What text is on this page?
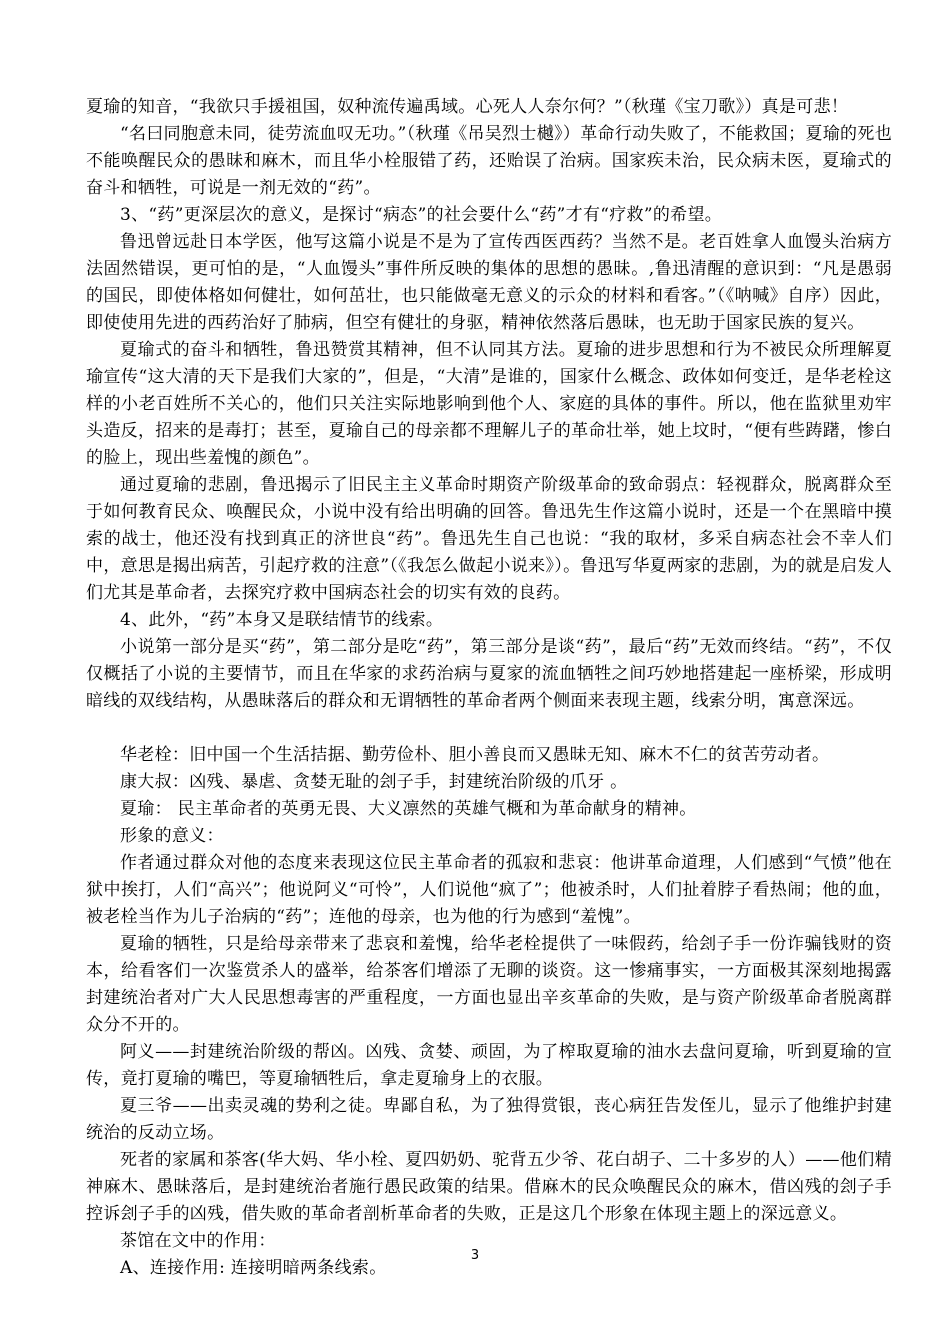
夏瑜的知音，“我欲只手援祖国，奴种流传遍禹域。心死人人奈尔何？”（秋瑾《宝刀歌》）真是可悲！

“名曰同胞意未同，徒劳流血叹无功。”（秋瑾《吊吴烈士樾》）革命行动失败了，不能救国；夏瑜的死也不能唤醒民众的愚昧和麻木，而且华小栓服错了药，还贻误了治病。国家疾未治，民众病未医，夏瑜式的奋斗和牺牲，可说是一剂无效的“药”。

3、“药”更深层次的意义，是探讨“病态”的社会要什么“药”才有“疗救”的希望。

鲁迅曾远赴日本学医，他写这篇小说是不是为了宣传西医西药？当然不是。老百姓拿人血馒头治病方法固然错误，更可怕的是，“人血馒头”事件所反映的集体的思想的愚昧。,鲁迅清醒的意识到：“凡是愚弱的国民，即使体格如何健壮，如何茁壮，也只能做毫无意义的示众的材料和看客。”（《呐喊》自序）因此，即使使用先进的西药治好了肺病，但空有健壮的身驱，精神依然落后愚昧，也无助于国家民族的复兴。

夏瑜式的奋斗和牺牲，鲁迅赞赏其精神，但不认同其方法。夏瑜的进步思想和行为不被民众所理解夏瑜宣传“这大清的天下是我们大家的”，但是，“大清”是谁的，国家什么概念、政体如何变迁，是华老栓这样的小老百姓所不关心的，他们只关注实际地影响到他个人、家庭的具体的事件。所以，他在监狱里劝牢头造反，招来的是毒打；甚至，夏瑜自己的母亲都不理解儿子的革命壮举，她上坟时，“便有些踌躇，惨白的脸上，现出些羞愧的颜色”。

通过夏瑜的悲剧，鲁迅揭示了旧民主主义革命时期资产阶级革命的致命弱点：轻视群众，脱离群众至于如何教育民众、唤醒民众，小说中没有给出明确的回答。鲁迅先生作这篇小说时，还是一个在黑暗中摸索的战士，他还没有找到真正的济世良“药”。鲁迅先生自己也说：“我的取材，多采自病态社会不幸人们中，意思是揭出病苦，引起疗救的注意”（《我怎么做起小说来》）。鲁迅写华夏两家的悲剧，为的就是启发人们尤其是革命者，去探究疗救中国病态社会的切实有效的良药。

4、此外，“药”本身又是联结情节的线索。

小说第一部分是买“药”，第二部分是吃“药”，第三部分是谈“药”，最后“药”无效而终结。“药”，不仅仅概括了小说的主要情节，而且在华家的求药治病与夏家的流血牺牲之间巧妙地搭建起一座桥梁，形成明暗线的双线结构，从愚昧落后的群众和无谓牺牲的革命者两个侧面来表现主题，线索分明，寓意深远。

华老栓：旧中国一个生活拮据、勤劳俭朴、胆小善良而又愚昧无知、麻木不仁的贫苦劳动者。

康大叔：凶残、暴虐、贪婪无耻的刽子手，封建统治阶级的爪牙 。

夏瑜： 民主革命者的英勇无畏、大义凛然的英雄气概和为革命献身的精神。

形象的意义：

作者通过群众对他的态度来表现这位民主革命者的孤寂和悲哀：他讲革命道理，人们感到“气愤”他在狱中挨打，人们“高兴”；他说阿义“可怜”，人们说他“疯了”；他被杀时，人们扯着脖子看热闹；他的血，被老栓当作为儿子治病的“药”；连他的母亲，也为他的行为感到“羞愧”。

夏瑜的牺牲，只是给母亲带来了悲哀和羞愧，给华老栓提供了一味假药，给刽子手一份诈骗钱财的资本，给看客们一次鉴赏杀人的盛举，给茶客们增添了无聊的谈资。这一惨痛事实，一方面极其深刻地揭露封建统治者对广大人民思想毒害的严重程度，一方面也显出辛亥革命的失败，是与资产阶级革命者脱离群众分不开的。

阿义——封建统治阶级的帮凶。凶残、贪婪、顽固，为了榨取夏瑜的油水去盘问夏瑜，听到夏瑜的宣传，竟打夏瑜的嘴巴，等夏瑜牺牲后，拿走夏瑜身上的衣服。

夏三爷——出卖灵魂的势利之徒。卑鄙自私，为了独得赏银，丧心病狂告发侄儿，显示了他维护封建统治的反动立场。

死者的家属和茶客(华大妈、华小栓、夏四奶奶、驼背五少爷、花白胡子、二十多岁的人）——他们精神麻木、愚昧落后，是封建统治者施行愚民政策的结果。借麻木的民众唤醒民众的麻木，借凶残的刽子手控诉刽子手的凶残，借失败的革命者剖析革命者的失败，正是这几个形象在体现主题上的深远意义。

茶馆在文中的作用：

A、连接作用: 连接明暗两条线索。

3
